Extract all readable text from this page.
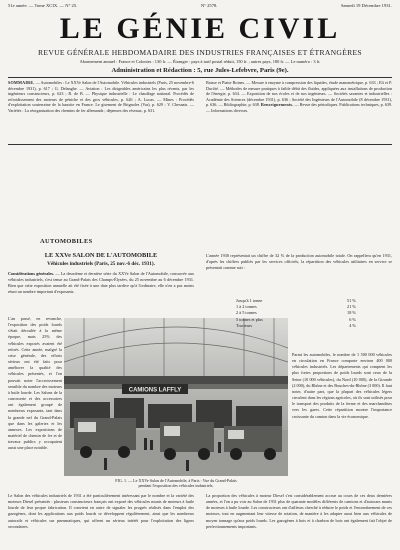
51e année. — Tome XCIX. — N° 25.	N° 2578.	Samedi 19 Décembre 1931.
LE GÉNIE CIVIL
REVUE GÉNÉRALE HEBDOMADAIRE DES INDUSTRIES FRANÇAISES ET ÉTRANGÈRES
Abonnement annuel : France et Colonies : 130 fr. — Étranger : pays à tarif postal réduit, 150 fr. ; autres pays, 180 fr. — Le numéro : 3 fr.
Administration et Rédaction : 5, rue Jules-Lefebvre, Paris (9e).
SOMMAIRE. — Automobiles : Le XXVe Salon de l'Automobile. Véhicules industriels (Paris, 25 novembre-6 décembre 1931), p. 617 ; G. Delanghe. — Aviation : Les dirigeables américains les plus récents, par les ingénieurs constructeurs, p. 623 ; R. de B. — Physique industrielle : Le chauffage national. Procédés de refroidissement des moteurs de péniche et des gros véhicules, p. 626 ; A. Lucas. — Mines : Procédés d'exploitation souterraine de la bauxite en France. Le gisement de Brignoles (Var), p. 629 ; V. Chesnais. — Variétés : La réorganisation des chemins de fer allemands ; dépenses des réseaux, p. 631.
Baisse et Piatte Boines. — Mesure à enzyme à compression des liquides, étude manométrique, p. 633 ; Eli et P. Ducôté. — Méthodes de mesure pratiques à faible débit des fluides, appliquées aux installations de production de l'énergie, p. 634. — Exposition de nos écoles et de nos ingénieurs. — Sociétés savantes et industrielles : Académie des Sciences (décembre 1931), p. 636 ; Société des Ingénieurs de l'Automobile (8 décembre 1931), p. 636. — Bibliographie, p. 638. Renseignements. — Revue des périodiques. Publications techniques, p. 639. — Informations diverses.
AUTOMOBILES
LE XXVe SALON DE L'AUTOMOBILE
Véhicules industriels (Paris, 25 nov.-6 déc. 1931).
Considérations générales. — La deuxième et dernière série du XXVe Salon de l'Automobile, consacrée aux véhicules industriels, s'est tenue au Grand-Palais des Champs-Élysées, du 25 novembre au 6 décembre 1931. Bien que cette exposition annuelle ait été fixée à une date plus tardive qu'à l'ordinaire, elle n'en a pas moins réuni un nombre important d'exposants.
L'an passé, en revanche, l'exposition des poids lourds s'était déroulée à la même époque, mais 25% des véhicules exposés avaient été retirés. Cette année, malgré la crise générale, des efforts sérieux ont été faits pour améliorer la qualité des véhicules présentés, et l'on pouvait noter l'accroissement sensible du nombre des moteurs à huile lourde. Les Salons de la carrosserie et des accessoires ont également groupé de nombreux exposants, tant dans la grande nef du Grand-Palais que dans les galeries et les annexes. Les expositions de matériel de chemin de fer et de travaux publics y occupaient aussi une place notable.
CAMIONS LAFFLY
FIG. 1. — Le XXVe Salon de l'Automobile, à Paris : Vue du Grand-Palais
pendant l'exposition des véhicules industriels.
Le Salon des véhicules industriels de 1931 a été particulièrement intéressant par le nombre et la variété des moteurs Diesel présentés : plusieurs constructeurs français ont exposé des véhicules munis de moteurs à huile lourde de leur propre fabrication. Il convient en outre de signaler les progrès réalisés dans l'emploi des gazogènes, dont les applications aux poids lourds se développent régulièrement, ainsi que les nombreux autorails et véhicules sur pneumatiques, qui offrent un sérieux intérêt pour l'exploitation des lignes secondaires.
L'année 1930 représentait un chiffre de 32 % de la production automobile totale. On rappellera qu'en 1931, d'après les chiffres publiés par les services officiels, la répartition des véhicules utilitaires en service se présentait comme suit :
Jusqu'à 1 tonne	51 %
1 à 2 tonnes	21 %
2 à 5 tonnes	18 %
5 tonnes et plus	6 %
Tracteurs	4 %
Parmi les automobiles, le nombre de 1 500 000 véhicules en circulation en France comporte environ 400 000 véhicules industriels. Les départements qui comptent les plus fortes proportions de poids lourds sont ceux de la Seine (10 000 véhicules), du Nord (10 000), de la Gironde (2 000), du Rhône et des Bouches-du-Rhône (3 000). Il faut noter, d'autre part, que la plupart des véhicules légers circulent dans les régions agricoles, où ils sont utilisés pour le transport des produits de la ferme et des marchandises vers les gares. Cette répartition montre l'importance croissante du camion dans la vie économique.
La proportion des véhicules à moteur Diesel s'est considérablement accrue au cours de ces deux dernières années, et l'on a pu voir au Salon de 1931 plus de quarante modèles différents de camions et d'autocars munis de moteurs à huile lourde. Les constructeurs ont d'ailleurs cherché à réduire le poids et l'encombrement de ces moteurs, tout en augmentant leur vitesse de rotation, de manière à les adapter aussi bien aux véhicules de moyen tonnage qu'aux poids lourds. Les gazogènes à bois et à charbon de bois ont également fait l'objet de perfectionnements importants.
